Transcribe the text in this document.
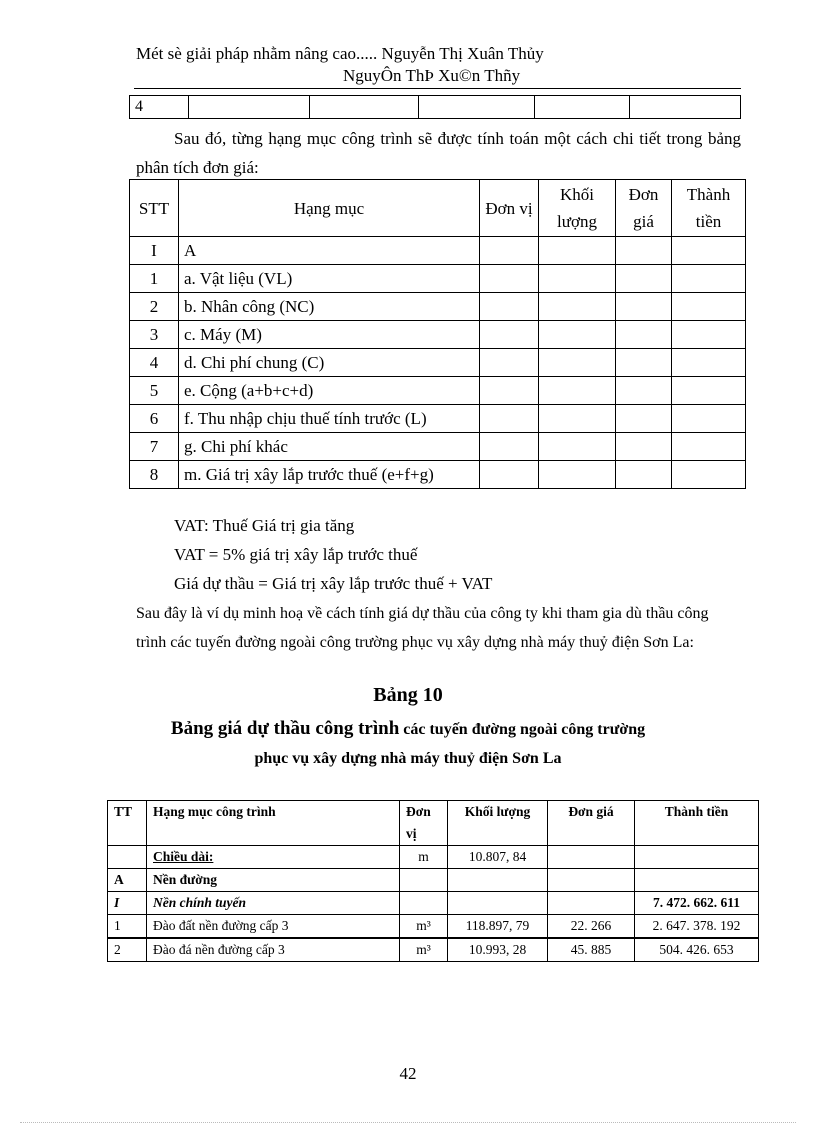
Mét sè giải pháp nhằm nâng cao..... Nguyễn Thị Xuân Thủy
NguyÔn ThÞ Xu©n Thñy
4					
Sau đó, từng hạng mục công trình sẽ được tính toán một cách chi tiết trong bảng phân tích đơn giá:
STT	Hạng mục	Đơn vị	Khối lượng	Đơn giá	Thành tiền
I	A				
1	a. Vật liệu (VL)				
2	b. Nhân công (NC)				
3	c. Máy (M)				
4	d. Chi phí chung (C)				
5	e. Cộng (a+b+c+d)				
6	f. Thu nhập chịu thuế tính trước (L)				
7	g. Chi phí khác				
8	m. Giá trị xây lắp trước thuế (e+f+g)				
VAT: Thuế Giá trị gia tăng
VAT = 5% giá trị xây lắp trước thuế
Giá dự thầu = Giá trị xây lắp trước thuế + VAT
Sau đây là ví dụ minh hoạ về cách tính giá dự thầu của công ty khi tham gia dù thầu công trình các tuyến đường ngoài công trường phục vụ xây dựng nhà máy thuỷ điện Sơn La:
Bảng 10
Bảng giá dự thầu công trình các tuyến đường ngoài công trường
phục vụ xây dựng nhà máy thuỷ điện Sơn La
TT	Hạng mục công trình	Đơn vị	Khối lượng	Đơn giá	Thành tiền
	Chiều dài:	m	10.807, 84		
A	Nền đường				
I	Nền chính tuyến				7. 472. 662. 611
1	Đào đất nền đường cấp 3	m³	118.897, 79	22. 266	2. 647. 378. 192
2	Đào đá nền đường cấp 3	m³	10.993, 28	45. 885	504. 426. 653
42
